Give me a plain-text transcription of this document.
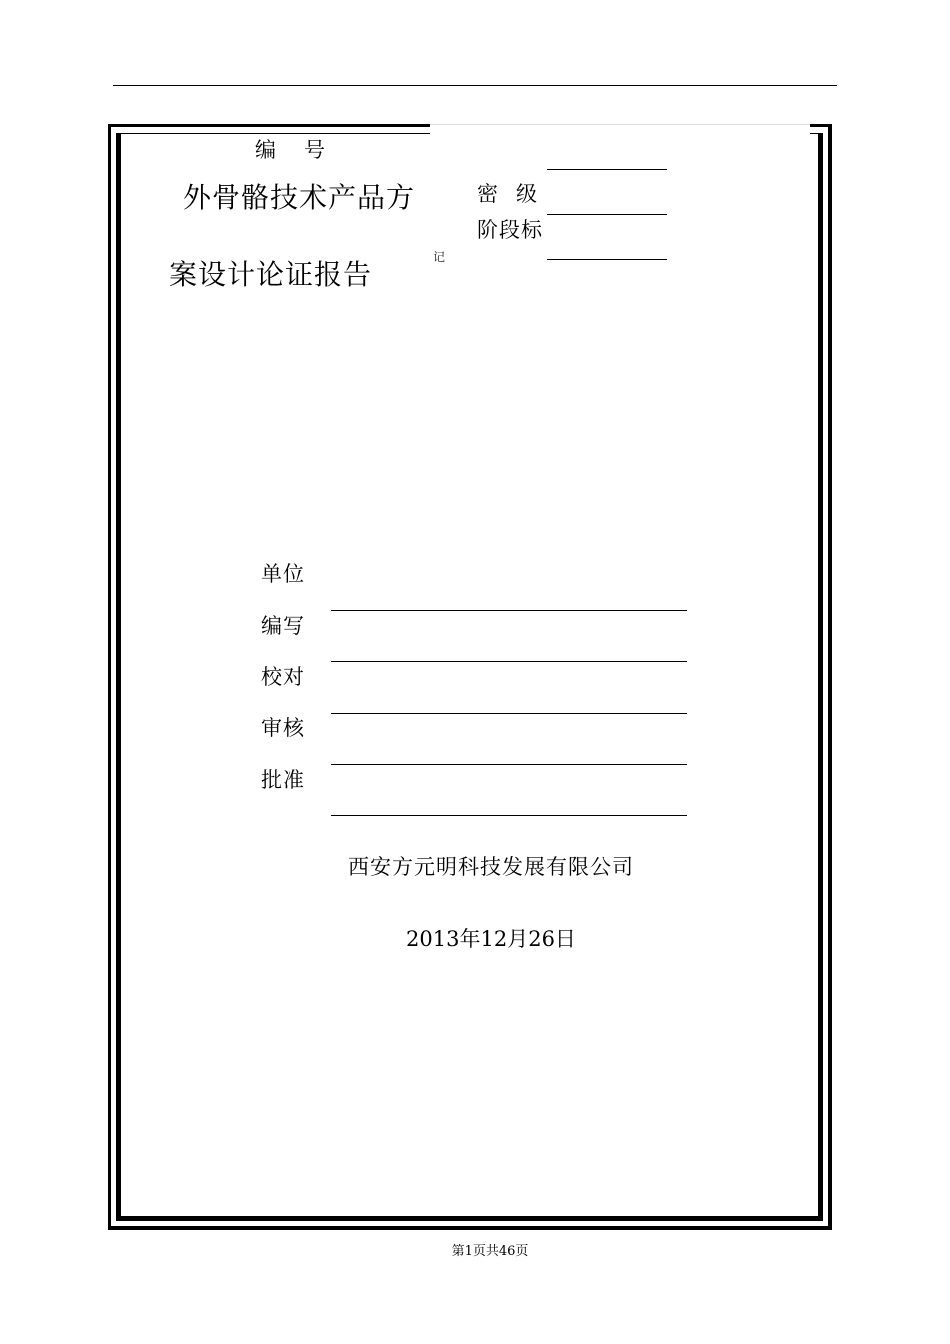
编号
外骨骼技术产品方
案设计论证报告
密级
阶段标
记
单位
编写
校对
审核
批准
西安方元明科技发展有限公司
2013年12月26日
第1页共46页
